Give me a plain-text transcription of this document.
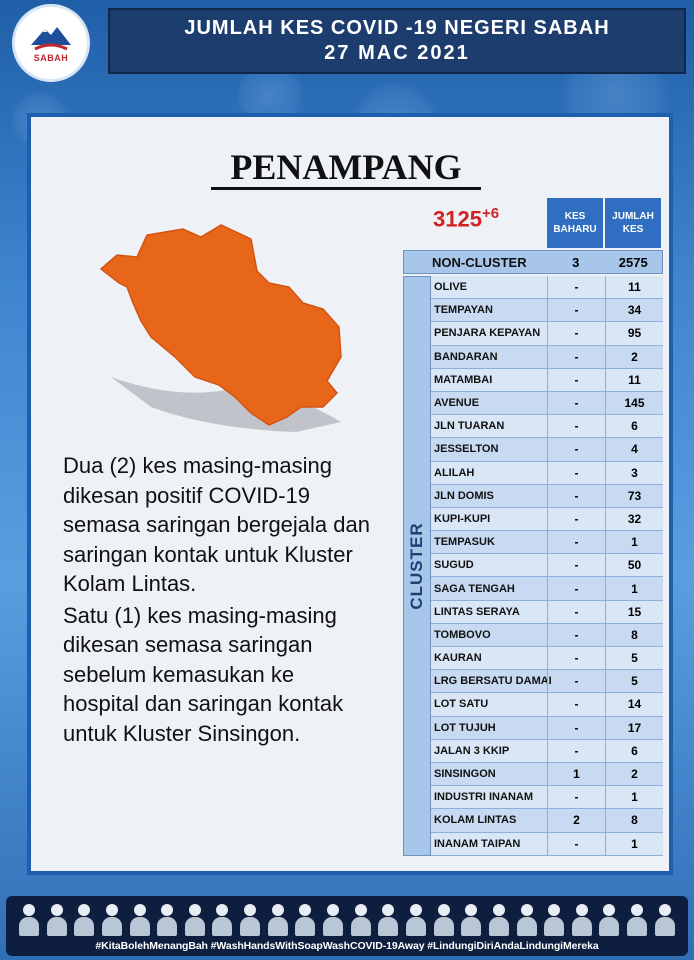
SABAH
JUMLAH KES COVID -19 NEGERI SABAH
27 MAC 2021
PENAMPANG

Dua (2) kes masing-masing dikesan positif COVID-19 semasa saringan bergejala dan saringan kontak untuk Kluster Kolam Lintas.

Satu (1) kes masing-masing dikesan semasa saringan sebelum kemasukan ke hospital dan saringan kontak untuk Kluster Sinsingon.

$3125^{+6}$	KES BAHARU
JUMLAH KES
NON-CLUSTER	3	2575
CLUSTER
OLIVE	-	11
TEMPAYAN	-	34
PENJARA KEPAYAN	-	95
BANDARAN	-	2
MATAMBAI	-	11
AVENUE	-	145
JLN TUARAN	-	6
JESSELTON	-	4
ALILAH	-	3
JLN DOMIS	-	73
KUPI-KUPI	-	32
TEMPASUK	-	1
SUGUD	-	50
SAGA TENGAH	-	1
LINTAS SERAYA	-	15
TOMBOVO	-	8
KAURAN	-	5
LRG BERSATU DAMAI	-	5
LOT SATU	-	14
LOT TUJUH	-	17
JALAN 3 KKIP	-	6
SINSINGON	1	2
INDUSTRI INANAM	-	1
KOLAM LINTAS	2	8
INANAM TAIPAN	-	1
#KitaBolehMenangBah #WashHandsWithSoapWashCOVID-19Away #LindungiDiriAndaLindungiMereka
